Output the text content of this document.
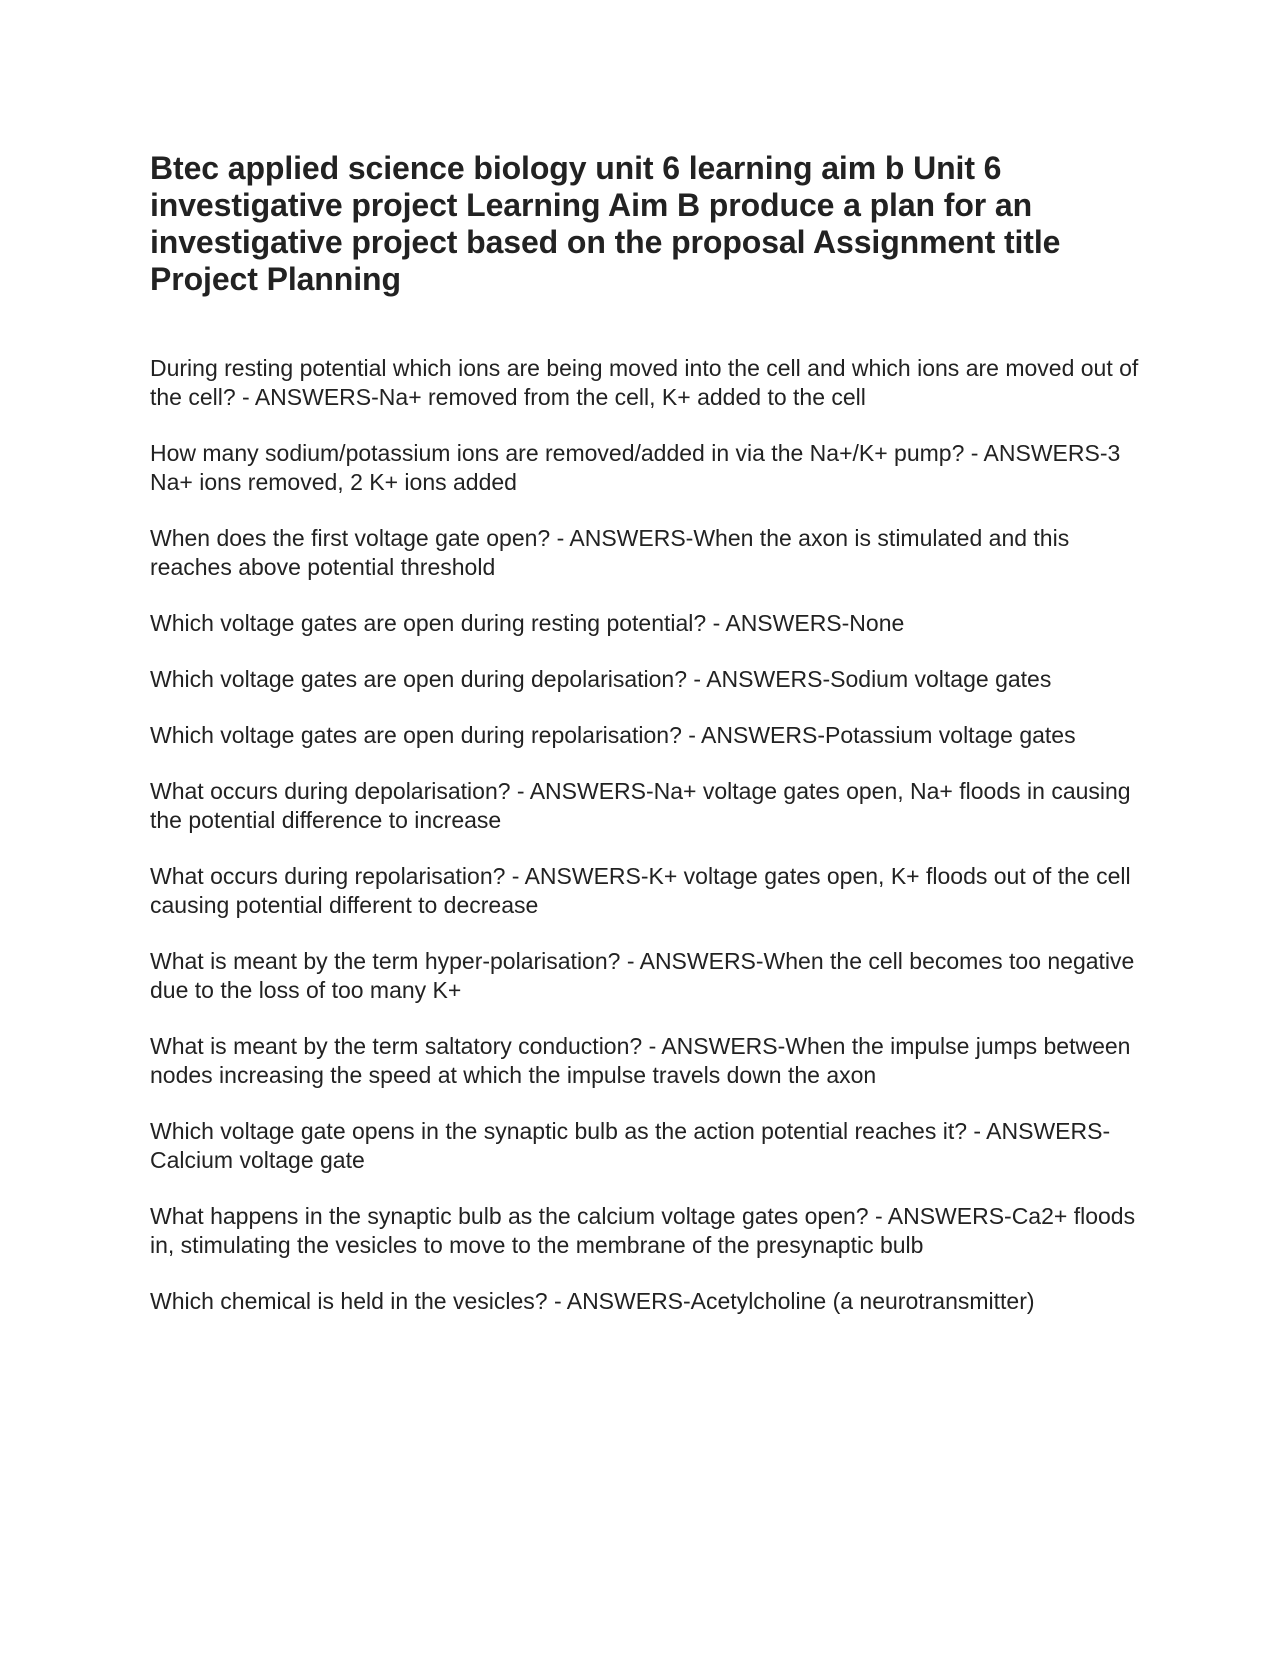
Btec applied science biology unit 6 learning aim b Unit 6 investigative project Learning Aim B produce a plan for an investigative project based on the proposal Assignment title Project Planning

During resting potential which ions are being moved into the cell and which ions are moved out of the cell? - ANSWERS-Na+ removed from the cell, K+ added to the cell

How many sodium/potassium ions are removed/added in via the Na+/K+ pump? - ANSWERS-3 Na+ ions removed, 2 K+ ions added

When does the first voltage gate open? - ANSWERS-When the axon is stimulated and this reaches above potential threshold

Which voltage gates are open during resting potential? - ANSWERS-None

Which voltage gates are open during depolarisation? - ANSWERS-Sodium voltage gates

Which voltage gates are open during repolarisation? - ANSWERS-Potassium voltage gates

What occurs during depolarisation? - ANSWERS-Na+ voltage gates open, Na+ floods in causing the potential difference to increase

What occurs during repolarisation? - ANSWERS-K+ voltage gates open, K+ floods out of the cell causing potential different to decrease

What is meant by the term hyper-polarisation? - ANSWERS-When the cell becomes too negative due to the loss of too many K+

What is meant by the term saltatory conduction? - ANSWERS-When the impulse jumps between nodes increasing the speed at which the impulse travels down the axon

Which voltage gate opens in the synaptic bulb as the action potential reaches it? - ANSWERS-Calcium voltage gate

What happens in the synaptic bulb as the calcium voltage gates open? - ANSWERS-Ca2+ floods in, stimulating the vesicles to move to the membrane of the presynaptic bulb

Which chemical is held in the vesicles? - ANSWERS-Acetylcholine (a neurotransmitter)
